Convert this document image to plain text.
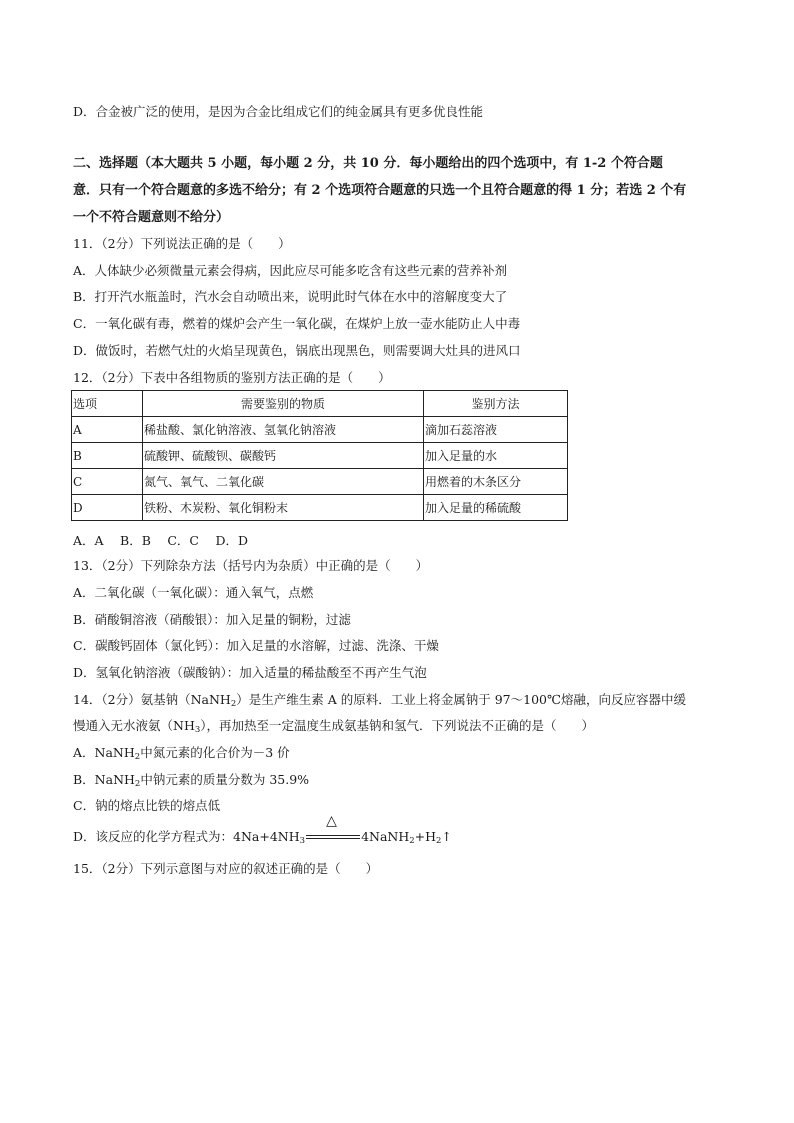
D．合金被广泛的使用，是因为合金比组成它们的纯金属具有更多优良性能
二、选择题（本大题共 5 小题，每小题 2 分，共 10 分．每小题给出的四个选项中，有 1-2 个符合题
意．只有一个符合题意的多选不给分；有 2 个选项符合题意的只选一个且符合题意的得 1 分；若选 2 个有
一个不符合题意则不给分）
11．（2分）下列说法正确的是（　　）
A．人体缺少必须微量元素会得病，因此应尽可能多吃含有这些元素的营养补剂
B．打开汽水瓶盖时，汽水会自动喷出来，说明此时气体在水中的溶解度变大了
C．一氧化碳有毒，燃着的煤炉会产生一氧化碳，在煤炉上放一壶水能防止人中毒
D．做饭时，若燃气灶的火焰呈现黄色，锅底出现黑色，则需要调大灶具的进风口
12．（2分）下表中各组物质的鉴别方法正确的是（　　）
选项	需要鉴别的物质	鉴别方法
A	稀盐酸、氯化钠溶液、氢氧化钠溶液	滴加石蕊溶液
B	硫酸钾、硫酸钡、碳酸钙	加入足量的水
C	氮气、氧气、二氧化碳	用燃着的木条区分
D	铁粉、木炭粉、氧化铜粉末	加入足量的稀硫酸
A．A　 B．B　 C．C　 D．D
13．（2分）下列除杂方法（括号内为杂质）中正确的是（　　）
A．二氧化碳（一氧化碳）：通入氧气，点燃
B．硝酸铜溶液（硝酸银）：加入足量的铜粉，过滤
C．碳酸钙固体（氯化钙）：加入足量的水溶解，过滤、洗涤、干燥
D．氢氧化钠溶液（碳酸钠）：加入适量的稀盐酸至不再产生气泡
14．（2分）氨基钠（NaNH$_2$）是生产维生素 A 的原料．工业上将金属钠于 97～100℃熔融，向反应容器中缓
慢通入无水液氨$(NH_3)$，再加热至一定温度生成氨基钠和氢气．下列说法不正确的是（　　）
A．NaNH$_2$中氮元素的化合价为－3 价
B．NaNH$_2$中钠元素的质量分数为 35.9%
C．钠的熔点比铁的熔点低
D．该反应的化学方程式为：$4Na+4NH_3$
△
$4NaNH_2+H_2↑$
15．（2分）下列示意图与对应的叙述正确的是（　　）
